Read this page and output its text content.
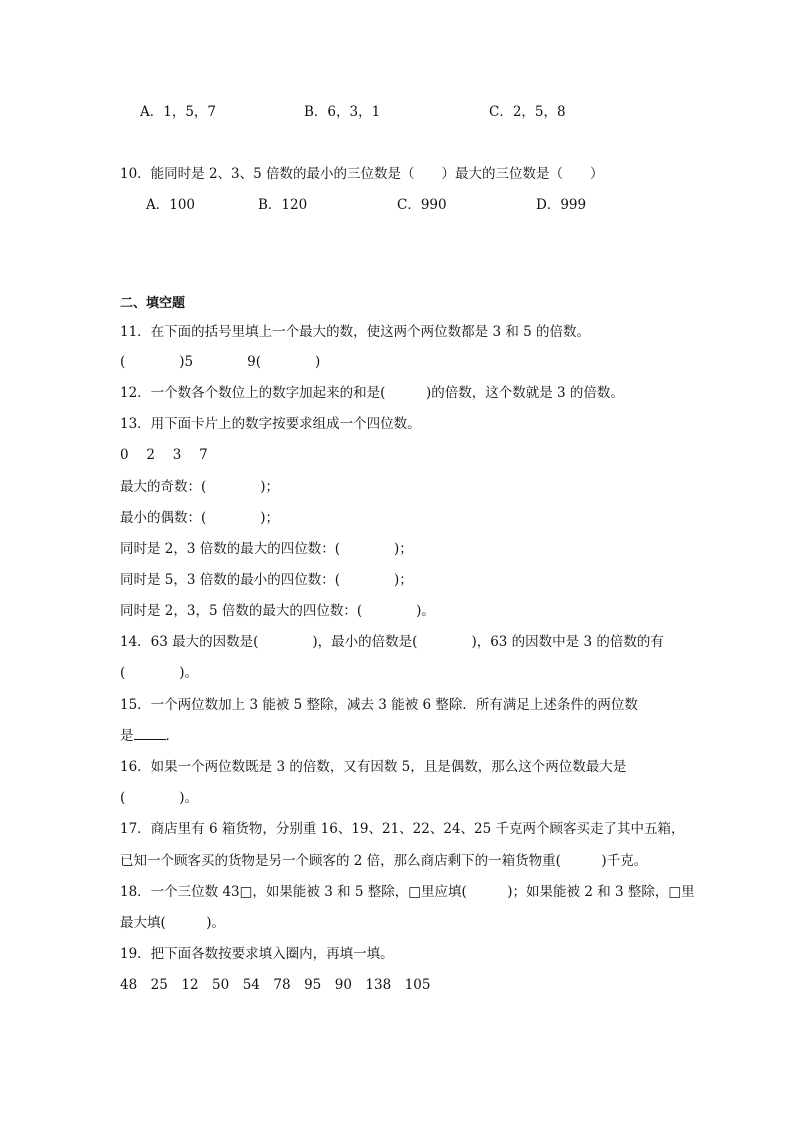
A．1，5，7	B．6，3，1	C．2，5，8
10．能同时是 2、3、5 倍数的最小的三位数是（　　）最大的三位数是（　　）
A．100	B．120	C．990	D．999
二、填空题
11．在下面的括号里填上一个最大的数，使这两个两位数都是 3 和 5 的倍数。
(　　　　)5　　　　9(　　　　)
12．一个数各个数位上的数字加起来的和是(　　　)的倍数，这个数就是 3 的倍数。
13．用下面卡片上的数字按要求组成一个四位数。
0　 2　 3　 7
最大的奇数：(　　　　)；
最小的偶数：(　　　　)；
同时是 2，3 倍数的最大的四位数：(　　　　)；
同时是 5，3 倍数的最小的四位数：(　　　　)；
同时是 2，3，5 倍数的最大的四位数：(　　　　)。
14．63 最大的因数是(　　　　)，最小的倍数是(　　　　)，63 的因数中是 3 的倍数的有
(　　　　)。
15．一个两位数加上 3 能被 5 整除，减去 3 能被 6 整除．所有满足上述条件的两位数
是 ．
16．如果一个两位数既是 3 的倍数，又有因数 5，且是偶数，那么这个两位数最大是
(　　　　)。
17．商店里有 6 箱货物，分别重 16、19、21、22、24、25 千克两个顾客买走了其中五箱，
已知一个顾客买的货物是另一个顾客的 2 倍，那么商店剩下的一箱货物重(　　　)千克。
18．一个三位数 43□，如果能被 3 和 5 整除，□里应填(　　　)；如果能被 2 和 3 整除，□里
最大填(　　　)。
19．把下面各数按要求填入圈内，再填一填。
48　25　12　50　54　78　95　90　138　105
